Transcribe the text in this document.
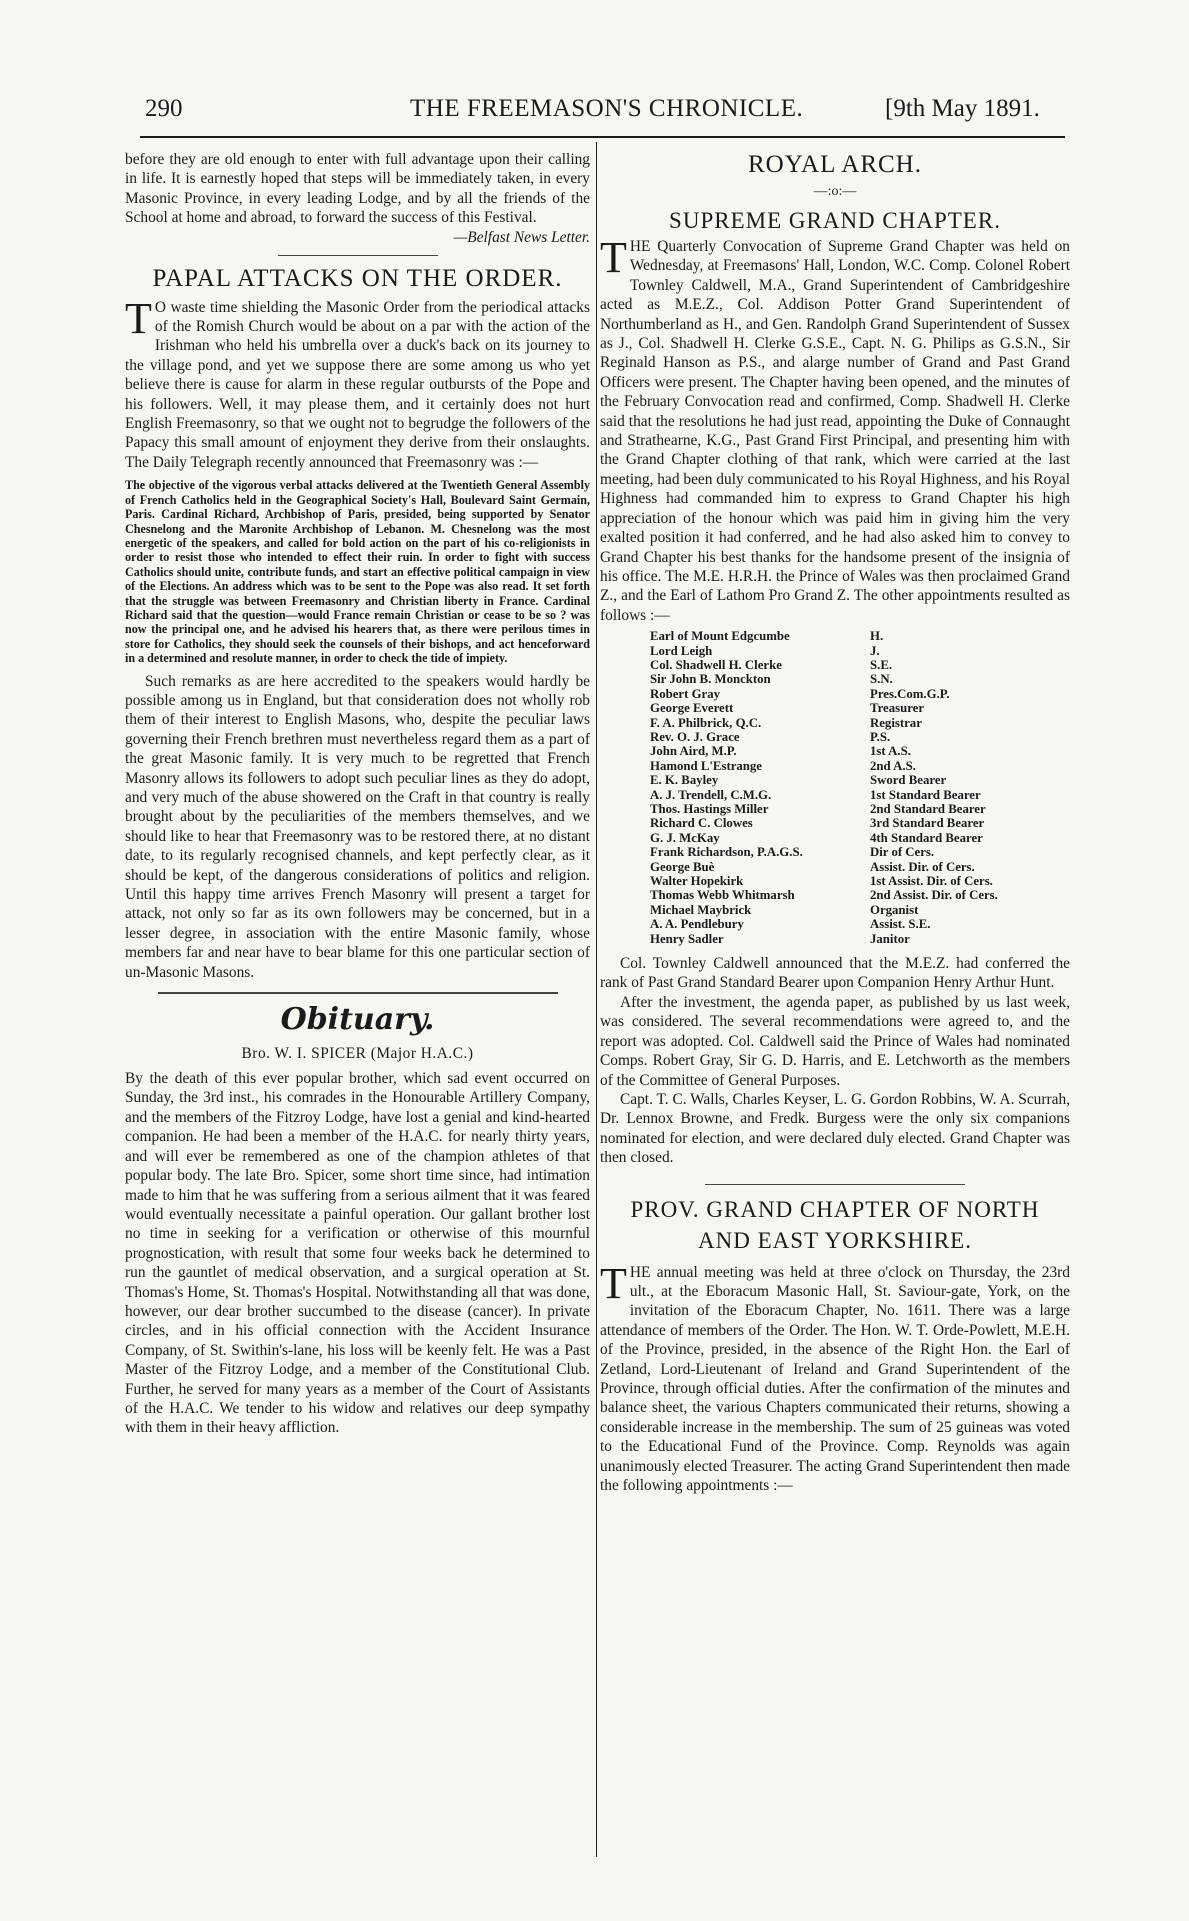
290	THE FREEMASON'S CHRONICLE.	[9th May 1891.

before they are old enough to enter with full advantage upon their calling in life. It is earnestly hoped that steps will be immediately taken, in every Masonic Province, in every leading Lodge, and by all the friends of the School at home and abroad, to forward the success of this Festival.

—Belfast News Letter.

PAPAL ATTACKS ON THE ORDER.
T O waste time shielding the Masonic Order from the periodical attacks of the Romish Church would be about on a par with the action of the Irishman who held his umbrella over a duck's back on its journey to the village pond, and yet we suppose there are some among us who yet believe there is cause for alarm in these regular outbursts of the Pope and his followers. Well, it may please them, and it certainly does not hurt English Freemasonry, so that we ought not to begrudge the followers of the Papacy this small amount of enjoyment they derive from their onslaughts. The Daily Telegraph recently announced that Freemasonry was :—

The objective of the vigorous verbal attacks delivered at the Twentieth General Assembly of French Catholics held in the Geographical Society's Hall, Boulevard Saint Germain, Paris. Cardinal Richard, Archbishop of Paris, presided, being supported by Senator Chesnelong and the Maronite Archbishop of Lebanon. M. Chesnelong was the most energetic of the speakers, and called for bold action on the part of his co-religionists in order to resist those who intended to effect their ruin. In order to fight with success Catholics should unite, contribute funds, and start an effective political campaign in view of the Elections. An address which was to be sent to the Pope was also read. It set forth that the struggle was between Freemasonry and Christian liberty in France. Cardinal Richard said that the question—would France remain Christian or cease to be so ? was now the principal one, and he advised his hearers that, as there were perilous times in store for Catholics, they should seek the counsels of their bishops, and act henceforward in a determined and resolute manner, in order to check the tide of impiety.

Such remarks as are here accredited to the speakers would hardly be possible among us in England, but that consideration does not wholly rob them of their interest to English Masons, who, despite the peculiar laws governing their French brethren must nevertheless regard them as a part of the great Masonic family. It is very much to be regretted that French Masonry allows its followers to adopt such peculiar lines as they do adopt, and very much of the abuse showered on the Craft in that country is really brought about by the peculiarities of the members themselves, and we should like to hear that Freemasonry was to be restored there, at no distant date, to its regularly recognised channels, and kept perfectly clear, as it should be kept, of the dangerous considerations of politics and religion. Until this happy time arrives French Masonry will present a target for attack, not only so far as its own followers may be concerned, but in a lesser degree, in association with the entire Masonic family, whose members far and near have to bear blame for this one particular section of un-Masonic Masons.

Obituary.
Bro. W. I. SPICER (Major H.A.C.)

By the death of this ever popular brother, which sad event occurred on Sunday, the 3rd inst., his comrades in the Honourable Artillery Company, and the members of the Fitzroy Lodge, have lost a genial and kind-hearted companion. He had been a member of the H.A.C. for nearly thirty years, and will ever be remembered as one of the champion athletes of that popular body. The late Bro. Spicer, some short time since, had intimation made to him that he was suffering from a serious ailment that it was feared would eventually necessitate a painful operation. Our gallant brother lost no time in seeking for a verification or otherwise of this mournful prognostication, with result that some four weeks back he determined to run the gauntlet of medical observation, and a surgical operation at St. Thomas's Home, St. Thomas's Hospital. Notwithstanding all that was done, however, our dear brother succumbed to the disease (cancer). In private circles, and in his official connection with the Accident Insurance Company, of St. Swithin's-lane, his loss will be keenly felt. He was a Past Master of the Fitzroy Lodge, and a member of the Constitutional Club. Further, he served for many years as a member of the Court of Assistants of the H.A.C. We tender to his widow and relatives our deep sympathy with them in their heavy affliction.

ROYAL ARCH.
—:o:—
SUPREME GRAND CHAPTER.
T HE Quarterly Convocation of Supreme Grand Chapter was held on Wednesday, at Freemasons' Hall, London, W.C. Comp. Colonel Robert Townley Caldwell, M.A., Grand Superintendent of Cambridgeshire acted as M.E.Z., Col. Addison Potter Grand Superintendent of Northumberland as H., and Gen. Randolph Grand Superintendent of Sussex as J., Col. Shadwell H. Clerke G.S.E., Capt. N. G. Philips as G.S.N., Sir Reginald Hanson as P.S., and alarge number of Grand and Past Grand Officers were present. The Chapter having been opened, and the minutes of the February Convocation read and confirmed, Comp. Shadwell H. Clerke said that the resolutions he had just read, appointing the Duke of Connaught and Strathearne, K.G., Past Grand First Principal, and presenting him with the Grand Chapter clothing of that rank, which were carried at the last meeting, had been duly communicated to his Royal Highness, and his Royal Highness had commanded him to express to Grand Chapter his high appreciation of the honour which was paid him in giving him the very exalted position it had conferred, and he had also asked him to convey to Grand Chapter his best thanks for the handsome present of the insignia of his office. The M.E. H.R.H. the Prince of Wales was then proclaimed Grand Z., and the Earl of Lathom Pro Grand Z. The other appointments resulted as follows :—

Earl of Mount Edgcumbe	H.
Lord Leigh	J.
Col. Shadwell H. Clerke	S.E.
Sir John B. Monckton	S.N.
Robert Gray	Pres.Com.G.P.
George Everett	Treasurer
F. A. Philbrick, Q.C.	Registrar
Rev. O. J. Grace	P.S.
John Aird, M.P.	1st A.S.
Hamond L'Estrange	2nd A.S.
E. K. Bayley	Sword Bearer
A. J. Trendell, C.M.G.	1st Standard Bearer
Thos. Hastings Miller	2nd Standard Bearer
Richard C. Clowes	3rd Standard Bearer
G. J. McKay	4th Standard Bearer
Frank Richardson, P.A.G.S.	Dir of Cers.
George Buè	Assist. Dir. of Cers.
Walter Hopekirk	1st Assist. Dir. of Cers.
Thomas Webb Whitmarsh	2nd Assist. Dir. of Cers.
Michael Maybrick	Organist
A. A. Pendlebury	Assist. S.E.
Henry Sadler	Janitor

Col. Townley Caldwell announced that the M.E.Z. had conferred the rank of Past Grand Standard Bearer upon Companion Henry Arthur Hunt.

After the investment, the agenda paper, as published by us last week, was considered. The several recommendations were agreed to, and the report was adopted. Col. Caldwell said the Prince of Wales had nominated Comps. Robert Gray, Sir G. D. Harris, and E. Letchworth as the members of the Committee of General Purposes.

Capt. T. C. Walls, Charles Keyser, L. G. Gordon Robbins, W. A. Scurrah, Dr. Lennox Browne, and Fredk. Burgess were the only six companions nominated for election, and were declared duly elected. Grand Chapter was then closed.

PROV. GRAND CHAPTER OF NORTH
AND EAST YORKSHIRE.
T HE annual meeting was held at three o'clock on Thursday, the 23rd ult., at the Eboracum Masonic Hall, St. Saviour-gate, York, on the invitation of the Eboracum Chapter, No. 1611. There was a large attendance of members of the Order. The Hon. W. T. Orde-Powlett, M.E.H. of the Province, presided, in the absence of the Right Hon. the Earl of Zetland, Lord-Lieutenant of Ireland and Grand Superintendent of the Province, through official duties. After the confirmation of the minutes and balance sheet, the various Chapters communicated their returns, showing a considerable increase in the membership. The sum of 25 guineas was voted to the Educational Fund of the Province. Comp. Reynolds was again unanimously elected Treasurer. The acting Grand Superintendent then made the following appointments :—
